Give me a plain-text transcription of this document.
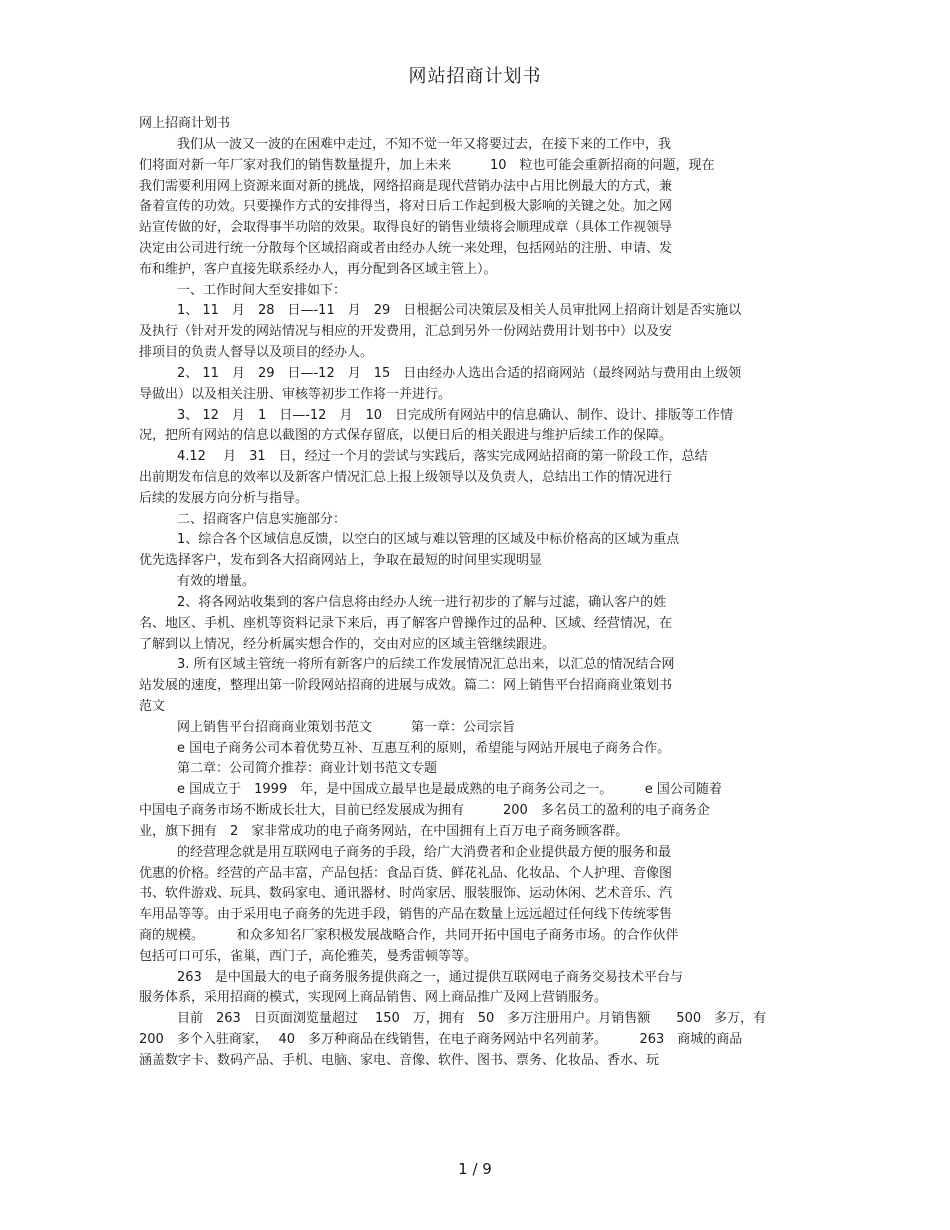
网站招商计划书
网上招商计划书
我们从一波又一波的在困难中走过，不知不觉一年又将要过去，在接下来的工作中，我
们将面对新一年厂家对我们的销售数量提升，加上未来　　　10　粒也可能会重新招商的问题，现在
我们需要利用网上资源来面对新的挑战，网络招商是现代营销办法中占用比例最大的方式，兼
备着宣传的功效。只要操作方式的安排得当，将对日后工作起到极大影响的关键之处。加之网
站宣传做的好，会取得事半功陪的效果。取得良好的销售业绩将会顺理成章（具体工作视领导
决定由公司进行统一分散每个区域招商或者由经办人统一来处理，包括网站的注册、申请、发
布和维护，客户直接先联系经办人，再分配到各区域主管上）。
一、工作时间大至安排如下：
1、 11　月　28　日—-11　月　29　日根据公司决策层及相关人员审批网上招商计划是否实施以
及执行（针对开发的网站情况与相应的开发费用，汇总到另外一份网站费用计划书中）以及安
排项目的负责人督导以及项目的经办人。
2、 11　月　29　日—-12　月　15　日由经办人选出合适的招商网站（最终网站与费用由上级领
导做出）以及相关注册、审核等初步工作将一并进行。
3、 12　月　1　日—-12　月　10　日完成所有网站中的信息确认、制作、设计、排版等工作情
况，把所有网站的信息以截图的方式保存留底，以便日后的相关跟进与维护后续工作的保障。
4.12　 月　31　日，经过一个月的尝试与实践后，落实完成网站招商的第一阶段工作，总结
出前期发布信息的效率以及新客户情况汇总上报上级领导以及负责人，总结出工作的情况进行
后续的发展方向分析与指导。
二、招商客户信息实施部分：
1、综合各个区域信息反馈，以空白的区域与难以管理的区域及中标价格高的区域为重点
优先选择客户，发布到各大招商网站上，争取在最短的时间里实现明显
有效的增量。
2、将各网站收集到的客户信息将由经办人统一进行初步的了解与过滤，确认客户的姓
名、地区、手机、座机等资料记录下来后，再了解客户曾操作过的品种、区域、经营情况，在
了解到以上情况，经分析属实想合作的，交由对应的区域主管继续跟进。
3. 所有区域主管统一将所有新客户的后续工作发展情况汇总出来，以汇总的情况结合网
站发展的速度，整理出第一阶段网站招商的进展与成效。篇二：网上销售平台招商商业策划书
范文
网上销售平台招商商业策划书范文　　　第一章：公司宗旨
e 国电子商务公司本着优势互补、互惠互利的原则，希望能与网站开展电子商务合作。
第二章：公司简介推荐：商业计划书范文专题
e 国成立于　1999　年，是中国成立最早也是最成熟的电子商务公司之一。　　　e 国公司随着
中国电子商务市场不断成长壮大，目前已经发展成为拥有　　　200　多名员工的盈利的电子商务企
业，旗下拥有　2　家非常成功的电子商务网站，在中国拥有上百万电子商务顾客群。
的经营理念就是用互联网电子商务的手段，给广大消费者和企业提供最方便的服务和最
优惠的价格。经营的产品丰富，产品包括：食品百货、鲜花礼品、化妆品、个人护理、音像图
书、软件游戏、玩具、数码家电、通讯器材、时尚家居、服装服饰、运动休闲、艺术音乐、汽
车用品等等。由于采用电子商务的先进手段，销售的产品在数量上远远超过任何线下传统零售
商的规模。　　　和众多知名厂家积极发展战略合作，共同开拓中国电子商务市场。的合作伙伴
包括可口可乐，雀巢，西门子，高伦雅芙，曼秀雷顿等等。
263　是中国最大的电子商务服务提供商之一，通过提供互联网电子商务交易技术平台与
服务体系，采用招商的模式，实现网上商品销售、网上商品推广及网上营销服务。
目前　263　日页面浏览量超过　 150　万，拥有　50　多万注册用户。月销售额　　500　多万，有
200　多个入驻商家，　 40　多万种商品在线销售，在电子商务网站中名列前茅。　　　263　商城的商品
涵盖数字卡、数码产品、手机、电脑、家电、音像、软件、图书、票务、化妆品、香水、玩
1 / 9
